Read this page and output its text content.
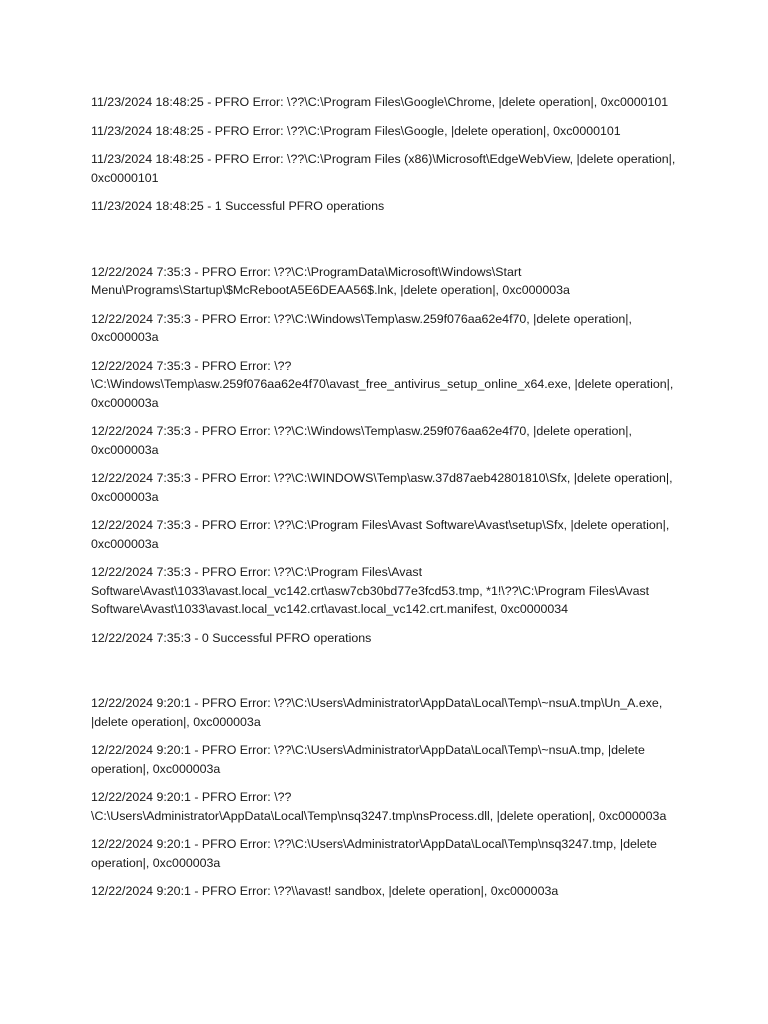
11/23/2024 18:48:25 - PFRO Error: \??\C:\Program Files\Google\Chrome, |delete operation|, 0xc0000101

11/23/2024 18:48:25 - PFRO Error: \??\C:\Program Files\Google, |delete operation|, 0xc0000101

11/23/2024 18:48:25 - PFRO Error: \??\C:\Program Files (x86)\Microsoft\EdgeWebView, |delete operation|, 0xc0000101

11/23/2024 18:48:25 - 1 Successful PFRO operations

12/22/2024 7:35:3 - PFRO Error: \??\C:\ProgramData\Microsoft\Windows\Start Menu\Programs\Startup\$McRebootA5E6DEAA56$.lnk, |delete operation|, 0xc000003a

12/22/2024 7:35:3 - PFRO Error: \??\C:\Windows\Temp\asw.259f076aa62e4f70, |delete operation|, 0xc000003a

12/22/2024 7:35:3 - PFRO Error: \??\C:\Windows\Temp\asw.259f076aa62e4f70\avast_free_antivirus_setup_online_x64.exe, |delete operation|, 0xc000003a

12/22/2024 7:35:3 - PFRO Error: \??\C:\Windows\Temp\asw.259f076aa62e4f70, |delete operation|, 0xc000003a

12/22/2024 7:35:3 - PFRO Error: \??\C:\WINDOWS\Temp\asw.37d87aeb42801810\Sfx, |delete operation|, 0xc000003a

12/22/2024 7:35:3 - PFRO Error: \??\C:\Program Files\Avast Software\Avast\setup\Sfx, |delete operation|, 0xc000003a

12/22/2024 7:35:3 - PFRO Error: \??\C:\Program Files\Avast Software\Avast\1033\avast.local_vc142.crt\asw7cb30bd77e3fcd53.tmp, *1!\??\C:\Program Files\Avast Software\Avast\1033\avast.local_vc142.crt\avast.local_vc142.crt.manifest, 0xc0000034

12/22/2024 7:35:3 - 0 Successful PFRO operations

12/22/2024 9:20:1 - PFRO Error: \??\C:\Users\Administrator\AppData\Local\Temp\~nsuA.tmp\Un_A.exe, |delete operation|, 0xc000003a

12/22/2024 9:20:1 - PFRO Error: \??\C:\Users\Administrator\AppData\Local\Temp\~nsuA.tmp, |delete operation|, 0xc000003a

12/22/2024 9:20:1 - PFRO Error: \??\C:\Users\Administrator\AppData\Local\Temp\nsq3247.tmp\nsProcess.dll, |delete operation|, 0xc000003a

12/22/2024 9:20:1 - PFRO Error: \??\C:\Users\Administrator\AppData\Local\Temp\nsq3247.tmp, |delete operation|, 0xc000003a

12/22/2024 9:20:1 - PFRO Error: \??\\avast! sandbox, |delete operation|, 0xc000003a
